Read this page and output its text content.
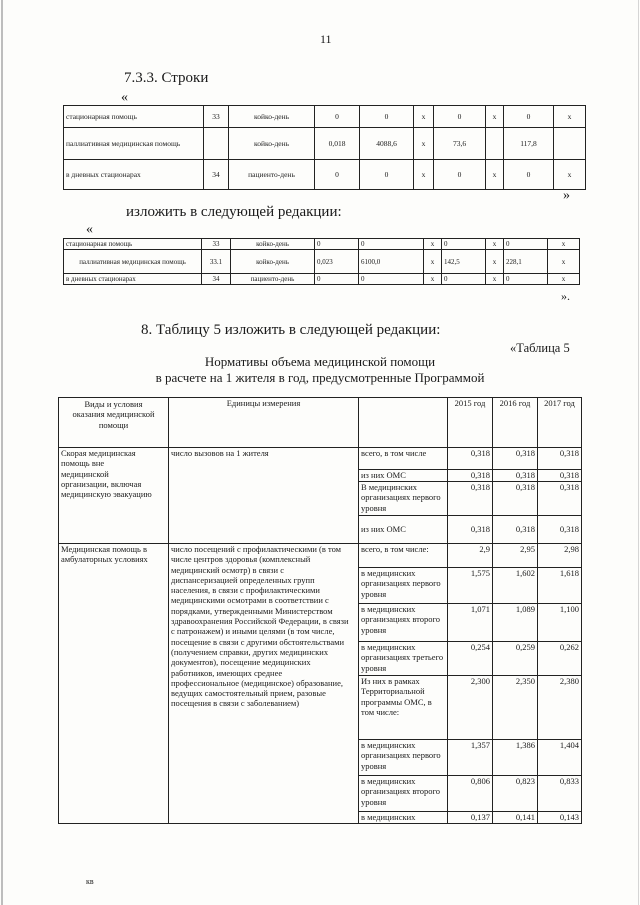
11
7.3.3. Строки
«
стационарная помощь	33	койко-день	0	0	х	0	х	0	х
паллиативная медицинская помощь		койко-день	0,018	4088,6	х	73,6		117,8	
в дневных стационарах	34	пациенто-день	0	0	х	0	х	0	х
»
изложить в следующей редакции:
«
стационарная помощь	33	койко-день	0	0	х	0	х	0	х
паллиативная медицинская помощь	33.1	койко-день	0,023	6100,0	х	142,5	х	228,1	х
в дневных стационарах	34	пациенто-день	0	0	х	0	х	0	х
».
8. Таблицу 5 изложить в следующей редакции:
«Таблица 5
Нормативы объема медицинской помощи
в расчете на 1 жителя в год, предусмотренные Программой
Виды и условия оказания медицинской помощи	Единицы измерения		2015 год	2016 год	2017 год
Скорая медицинская помощь вне медицинской организации, включая медицинскую эвакуацию	число вызовов на 1 жителя	всего, в том числе	0,318	0,318	0,318
		из них ОМС	0,318	0,318	0,318
		В медицинских организациях первого уровня	0,318	0,318	0,318
		из них ОМС	0,318	0,318	0,318
Медицинская помощь в амбулаторных условиях	число посещений с профилактическими (в том числе центров здоровья (комплексный медицинский осмотр) в связи с диспансеризацией определенных групп населения, в связи с профилактическими медицинскими осмотрами в соответствии с порядками, утвержденными Министерством здравоохранения Российской Федерации, в связи с патронажем) и иными целями (в том числе, посещение в связи с другими обстоятельствами (получением справки, других медицинских документов), посещение медицинских работников, имеющих среднее профессиональное (медицинское) образование, ведущих самостоятельный прием, разовые посещения в связи с заболеванием)	всего, в том числе:	2,9	2,95	2,98
		в медицинских организациях первого уровня	1,575	1,602	1,618
		в медицинских организациях второго уровня	1,071	1,089	1,100
		в медицинских организациях третьего уровня	0,254	0,259	0,262
		Из них в рамках Территориальной программы ОМС, в том числе:	2,300	2,350	2,380
		в медицинских организациях первого уровня	1,357	1,386	1,404
		в медицинских организациях второго уровня	0,806	0,823	0,833
		в медицинских	0,137	0,141	0,143
кв
